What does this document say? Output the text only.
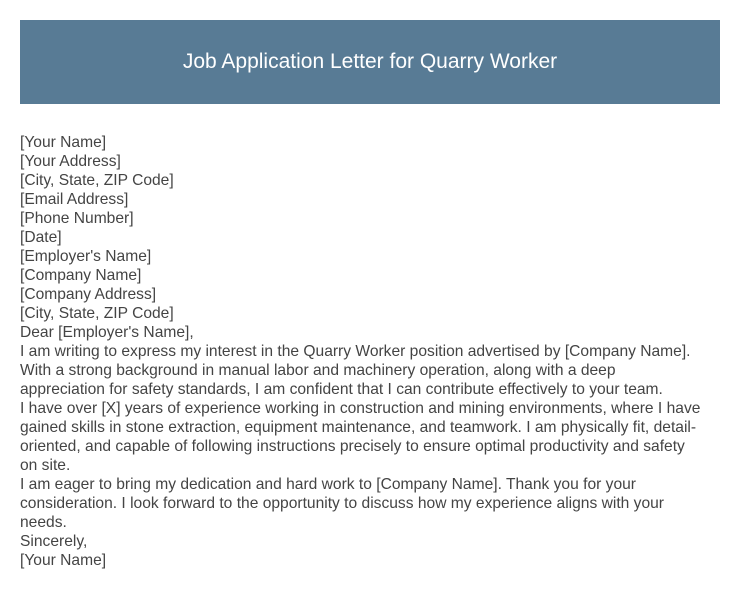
Job Application Letter for Quarry Worker
[Your Name]
[Your Address]
[City, State, ZIP Code]
[Email Address]
[Phone Number]
[Date]
[Employer's Name]
[Company Name]
[Company Address]
[City, State, ZIP Code]
Dear [Employer's Name],
I am writing to express my interest in the Quarry Worker position advertised by [Company Name].
With a strong background in manual labor and machinery operation, along with a deep
appreciation for safety standards, I am confident that I can contribute effectively to your team.
I have over [X] years of experience working in construction and mining environments, where I have
gained skills in stone extraction, equipment maintenance, and teamwork. I am physically fit, detail-
oriented, and capable of following instructions precisely to ensure optimal productivity and safety
on site.
I am eager to bring my dedication and hard work to [Company Name]. Thank you for your
consideration. I look forward to the opportunity to discuss how my experience aligns with your
needs.
Sincerely,
[Your Name]
